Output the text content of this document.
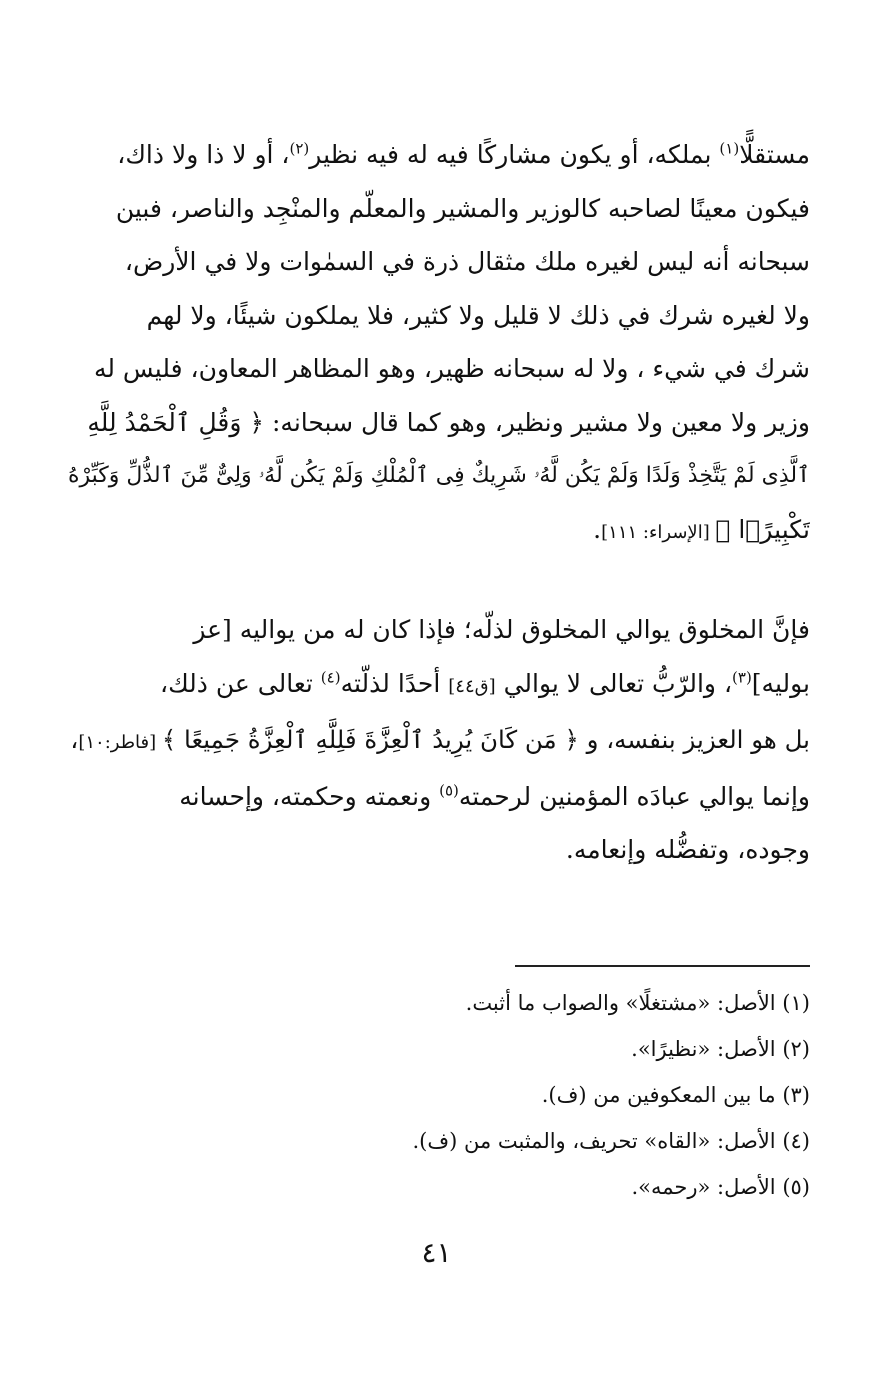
مستقلًّا$^{(١)}$ بملكه، أو يكون مشاركًا فيه له فيه نظير$^{(٢)}$، أو لا ذا ولا ذاك،
فيكون معينًا لصاحبه كالوزير والمشير والمعلّم والمنْجِد والناصر، فبين
سبحانه أنه ليس لغيره ملك مثقال ذرة في السمٰوات ولا في الأرض،
ولا لغيره شرك في ذلك لا قليل ولا كثير، فلا يملكون شيئًا، ولا لهم
شرك في شيء ، ولا له سبحانه ظهير، وهو المظاهر المعاون، فليس له
وزير ولا معين ولا مشير ونظير، وهو كما قال سبحانه: ﴿ وَقُلِ ٱلْحَمْدُ لِلَّهِ
ٱلَّذِى لَمْ يَتَّخِذْ وَلَدًا وَلَمْ يَكُن لَّهُۥ شَرِيكٌ فِى ٱلْمُلْكِ وَلَمْ يَكُن لَّهُۥ وَلِىٌّ مِّنَ ٱلذُّلِّ وَكَبِّرْهُ
تَكْبِيرًۢا ﴾ [الإسراء: ١١١].
فإنَّ المخلوق يوالي المخلوق لذلّه؛ فإذا كان له من يواليه [عز
بوليه]$^{(٣)}$، والرّبُّ تعالى لا يوالي [ق٤٤] أحدًا لذلّته$^{(٤)}$ تعالى عن ذلك،
بل هو العزيز بنفسه، و ﴿ مَن كَانَ يُرِيدُ ٱلْعِزَّةَ فَلِلَّهِ ٱلْعِزَّةُ جَمِيعًا ﴾ [فاطر:١٠]،
وإنما يوالي عبادَه المؤمنين لرحمته$^{(٥)}$ ونعمته وحكمته، وإحسانه
وجوده، وتفضُّله وإنعامه.
(١) الأصل: «مشتغلًا» والصواب ما أثبت.
(٢) الأصل: «نظيرًا».
(٣) ما بين المعكوفين من (ف).
(٤) الأصل: «القاه» تحريف، والمثبت من (ف).
(٥) الأصل: «رحمه».
٤١
